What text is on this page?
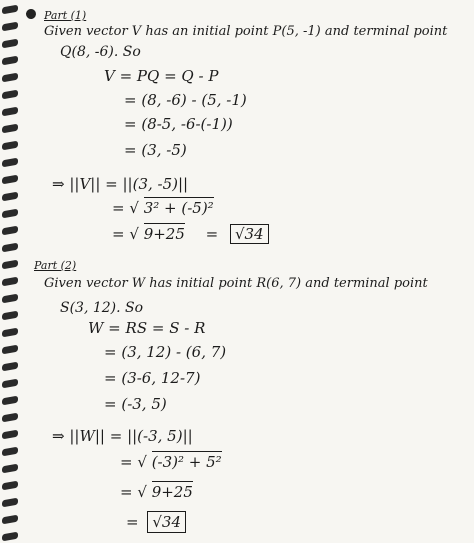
Part (1)
Given vector V has an initial point P(5, -1) and terminal point
Q(8, -6). So
V = PQ = Q - P
= (8, -6) - (5, -1)
= (8-5, -6-(-1))
= (3, -5)
⇒ ||V|| = ||(3, -5)||
= √ 3² + (-5)²
= √ 9+25 =	√34
Part (2)
Given vector W has initial point R(6, 7) and terminal point
S(3, 12). So
W = RS = S - R
= (3, 12) - (6, 7)
= (3-6, 12-7)
= (-3, 5)
⇒ ||W|| = ||(-3, 5)||
= √ (-3)² + 5²
= √ 9+25
= √34
